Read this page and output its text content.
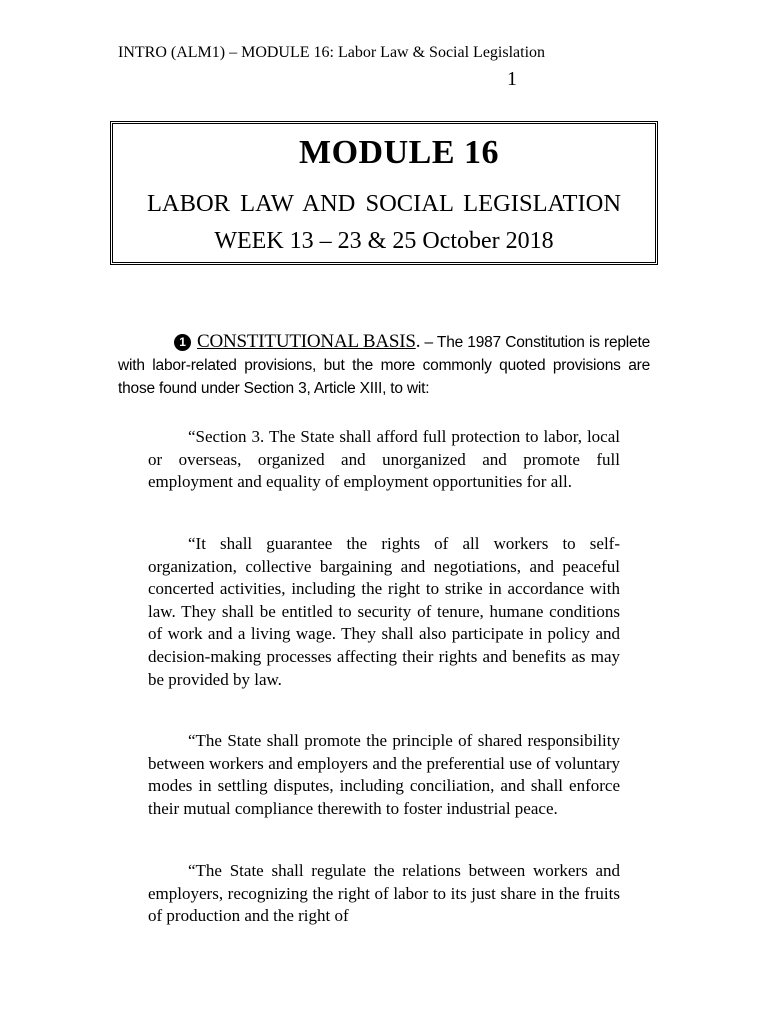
INTRO (ALM1) – MODULE 16: Labor Law & Social Legislation
1
MODULE 16
LABOR LAW AND SOCIAL LEGISLATION
WEEK 13 – 23 & 25 October 2018
1 CONSTITUTIONAL BASIS. – The 1987 Constitution is replete with labor-related provisions, but the more commonly quoted provisions are those found under Section 3, Article XIII, to wit:
“Section 3. The State shall afford full protection to labor, local or overseas, organized and unorganized and promote full employment and equality of employment opportunities for all.
“It shall guarantee the rights of all workers to self-organization, collective bargaining and negotiations, and peaceful concerted activities, including the right to strike in accordance with law. They shall be entitled to security of tenure, humane conditions of work and a living wage. They shall also participate in policy and decision-making processes affecting their rights and benefits as may be provided by law.
“The State shall promote the principle of shared responsibility between workers and employers and the preferential use of voluntary modes in settling disputes, including conciliation, and shall enforce their mutual compliance therewith to foster industrial peace.
“The State shall regulate the relations between workers and employers, recognizing the right of labor to its just share in the fruits of production and the right of
